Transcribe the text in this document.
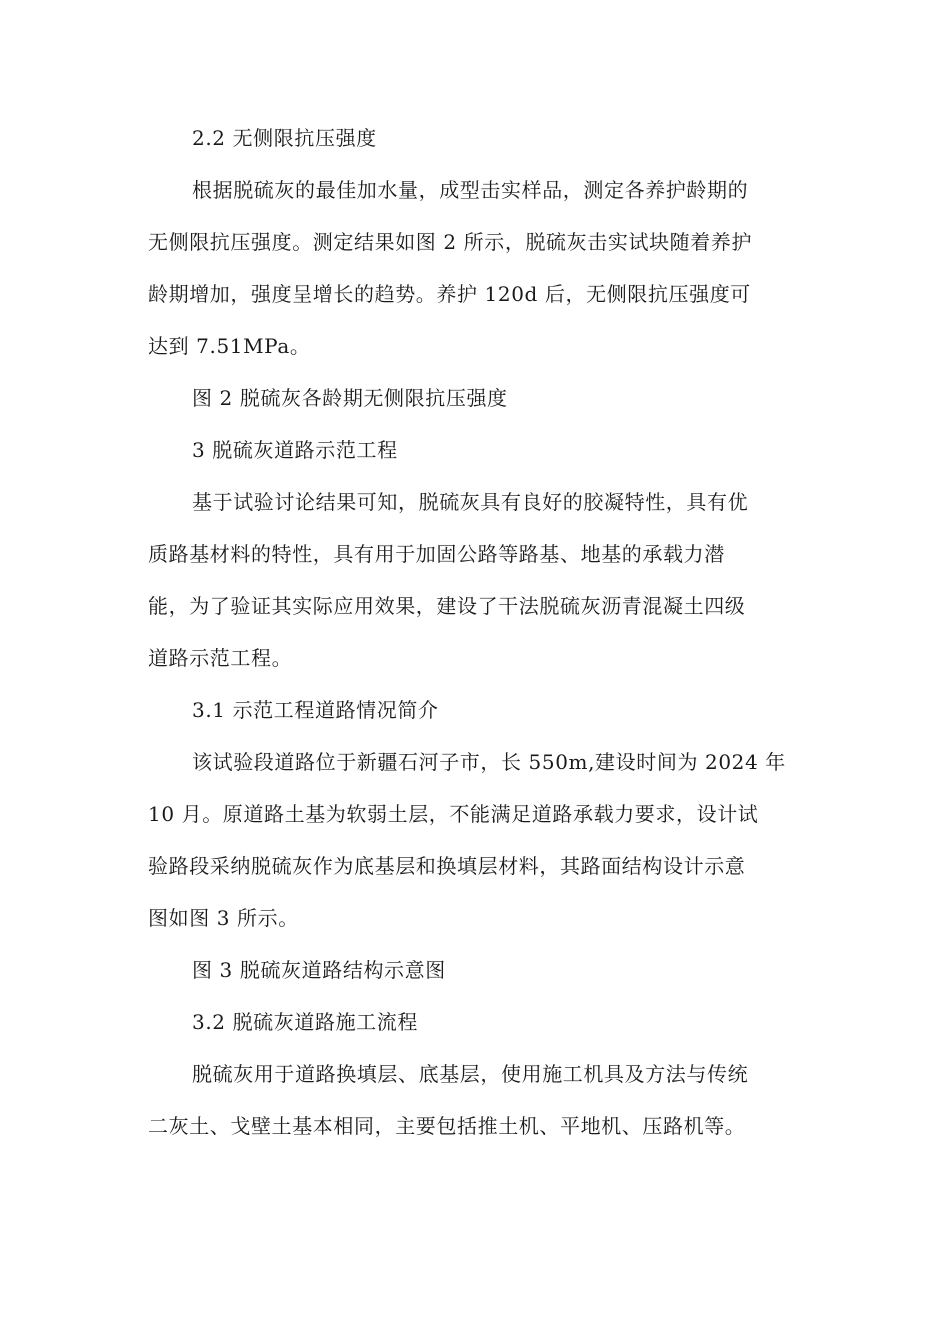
2.2 无侧限抗压强度
根据脱硫灰的最佳加水量，成型击实样品，测定各养护龄期的
无侧限抗压强度。测定结果如图 2 所示，脱硫灰击实试块随着养护
龄期增加，强度呈增长的趋势。养护 120d 后，无侧限抗压强度可
达到 7.51MPa。
图 2 脱硫灰各龄期无侧限抗压强度
3 脱硫灰道路示范工程
基于试验讨论结果可知，脱硫灰具有良好的胶凝特性，具有优
质路基材料的特性，具有用于加固公路等路基、地基的承载力潜
能，为了验证其实际应用效果，建设了干法脱硫灰沥青混凝土四级
道路示范工程。
3.1 示范工程道路情况简介
该试验段道路位于新疆石河子市，长 550m,建设时间为 2024 年
10 月。原道路土基为软弱土层，不能满足道路承载力要求，设计试
验路段采纳脱硫灰作为底基层和换填层材料，其路面结构设计示意
图如图 3 所示。
图 3 脱硫灰道路结构示意图
3.2 脱硫灰道路施工流程
脱硫灰用于道路换填层、底基层，使用施工机具及方法与传统
二灰土、戈壁土基本相同，主要包括推土机、平地机、压路机等。
